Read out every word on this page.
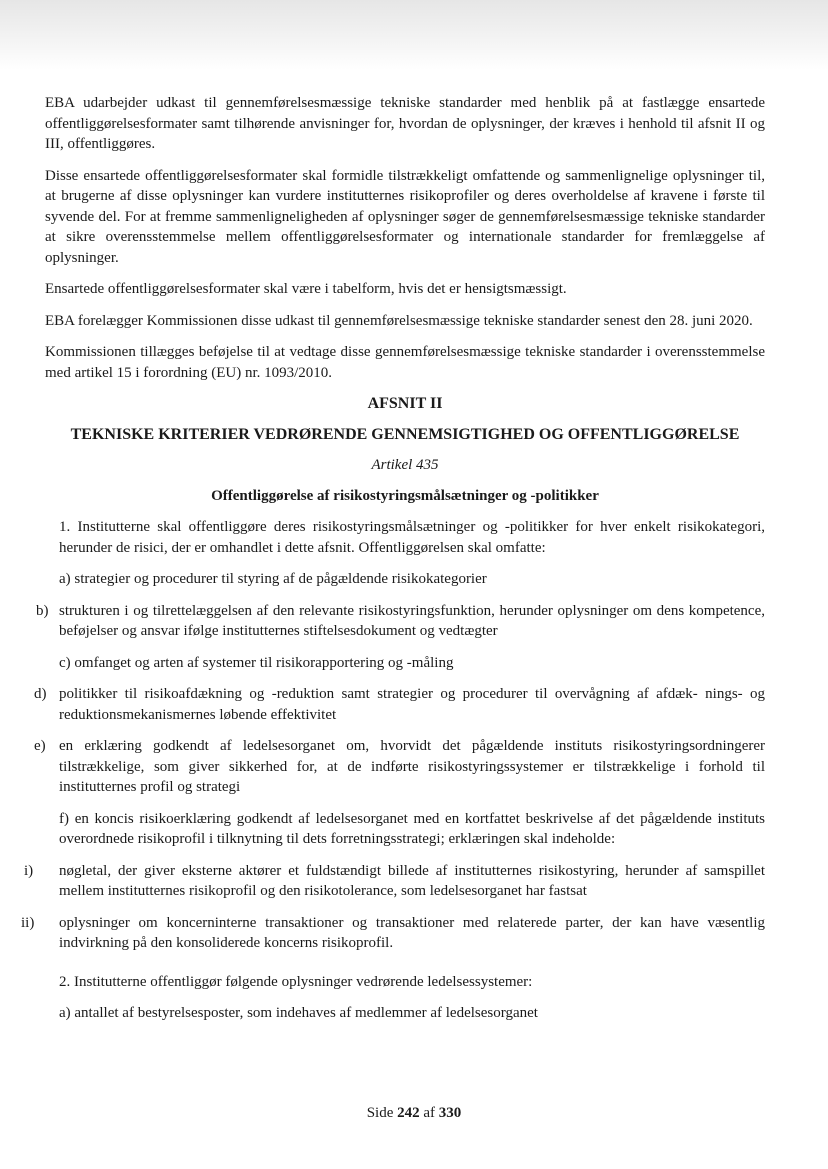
EBA udarbejder udkast til gennemførelsesmæssige tekniske standarder med henblik på at fastlægge ensartede offentliggørelsesformater samt tilhørende anvisninger for, hvordan de oplysninger, der kræves i henhold til afsnit II og III, offentliggøres.

Disse ensartede offentliggørelsesformater skal formidle tilstrækkeligt omfattende og sammenlignelige oplysninger til, at brugerne af disse oplysninger kan vurdere institutternes risikoprofiler og deres overholdelse af kravene i første til syvende del. For at fremme sammenligneligheden af oplysninger søger de gennemførelsesmæssige tekniske standarder at sikre overensstemmelse mellem offentliggørelsesformater og internationale standarder for fremlæggelse af oplysninger.

Ensartede offentliggørelsesformater skal være i tabelform, hvis det er hensigtsmæssigt.

EBA forelægger Kommissionen disse udkast til gennemførelsesmæssige tekniske standarder senest den 28. juni 2020.

Kommissionen tillægges beføjelse til at vedtage disse gennemførelsesmæssige tekniske standarder i overensstemmelse med artikel 15 i forordning (EU) nr. 1093/2010.

AFSNIT II
TEKNISKE KRITERIER VEDRØRENDE GENNEMSIGTIGHED OG OFFENTLIGGØRELSE
Artikel 435
Offentliggørelse af risikostyringsmålsætninger og -politikker

1. Institutterne skal offentliggøre deres risikostyringsmålsætninger og -politikker for hver enkelt risikokategori, herunder de risici, der er omhandlet i dette afsnit. Offentliggørelsen skal omfatte:

a) strategier og procedurer til styring af de pågældende risikokategorier

b) strukturen i og tilrettelæggelsen af den relevante risikostyringsfunktion, herunder oplysninger om dens kompetence, beføjelser og ansvar ifølge institutternes stiftelsesdokument og vedtægter

c) omfanget og arten af systemer til risikorapportering og -måling

d) politikker til risikoafdækning og -reduktion samt strategier og procedurer til overvågning af afdæk- nings- og reduktionsmekanismernes løbende effektivitet
e) en erklæring godkendt af ledelsesorganet om, hvorvidt det pågældende instituts risikostyringsordningerer tilstrækkelige, som giver sikkerhed for, at de indførte risikostyringssystemer er tilstrækkelige i forhold til institutternes profil og strategi

f) en koncis risikoerklæring godkendt af ledelsesorganet med en kortfattet beskrivelse af det pågældende instituts overordnede risikoprofil i tilknytning til dets forretningsstrategi; erklæringen skal indeholde:

i)	nøgletal, der giver eksterne aktører et fuldstændigt billede af institutternes risikostyring, herunder af samspillet mellem institutternes risikoprofil og den risikotolerance, som ledelsesorganet har fastsat
ii)	oplysninger om koncerninterne transaktioner og transaktioner med relaterede parter, der kan have væsentlig indvirkning på den konsoliderede koncerns risikoprofil.

2. Institutterne offentliggør følgende oplysninger vedrørende ledelsessystemer:

a) antallet af bestyrelsesposter, som indehaves af medlemmer af ledelsesorganet

Side 242 af 330
